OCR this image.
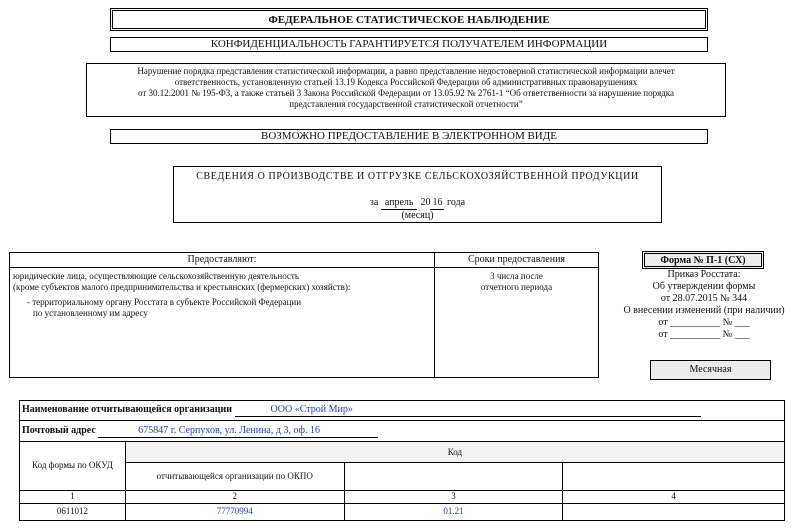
ФЕДЕРАЛЬНОЕ СТАТИСТИЧЕСКОЕ НАБЛЮДЕНИЕ
КОНФИДЕНЦИАЛЬНОСТЬ ГАРАНТИРУЕТСЯ ПОЛУЧАТЕЛЕМ ИНФОРМАЦИИ
Нарушение порядка представления статистической информации, а равно представление недостоверной статистической информации влечет
ответственность, установленную статьей 13.19 Кодекса Российской Федерации об административных правонарушениях
от 30.12.2001 № 195-ФЗ, а также статьей 3 Закона Российской Федерации от 13.05.92 № 2761-1 “Об ответственности за нарушение порядка
представления государственной статистической отчетности”
ВОЗМОЖНО ПРЕДОСТАВЛЕНИЕ В ЭЛЕКТРОННОМ ВИДЕ
СВЕДЕНИЯ О ПРОИЗВОДСТВЕ И ОТГРУЗКЕ СЕЛЬСКОХОЗЯЙСТВЕННОЙ ПРОДУКЦИИ
за апрель 20 16 года
(месяц)
Предоставляют:	Сроки предоставления
юридические лица, осуществляющие сельскохозяйственную деятельность
(кроме субъектов малого предпринимательства и крестьянских (фермерских) хозяйств):
- территориальному органу Росстата в субъекте Российской Федерации
по установленному им адресу
3 числа после
отчетного периода
Форма № П-1 (СХ)
Приказ Росстата:
Об утверждении формы
от 28.07.2015 № 344
О внесении изменений (при наличии)
от __________ № ___
от __________ № ___
Месячная
Наименование отчитывающейся организации	ООО «Строй Мир»
Почтовый адрес	675847 г. Серпухов, ул. Ленина, д 3, оф. 16
Код формы по ОКУД	Код		
	отчитывающейся организации по ОКПО		
1	2	3	4
0611012	77770994	01.21	
